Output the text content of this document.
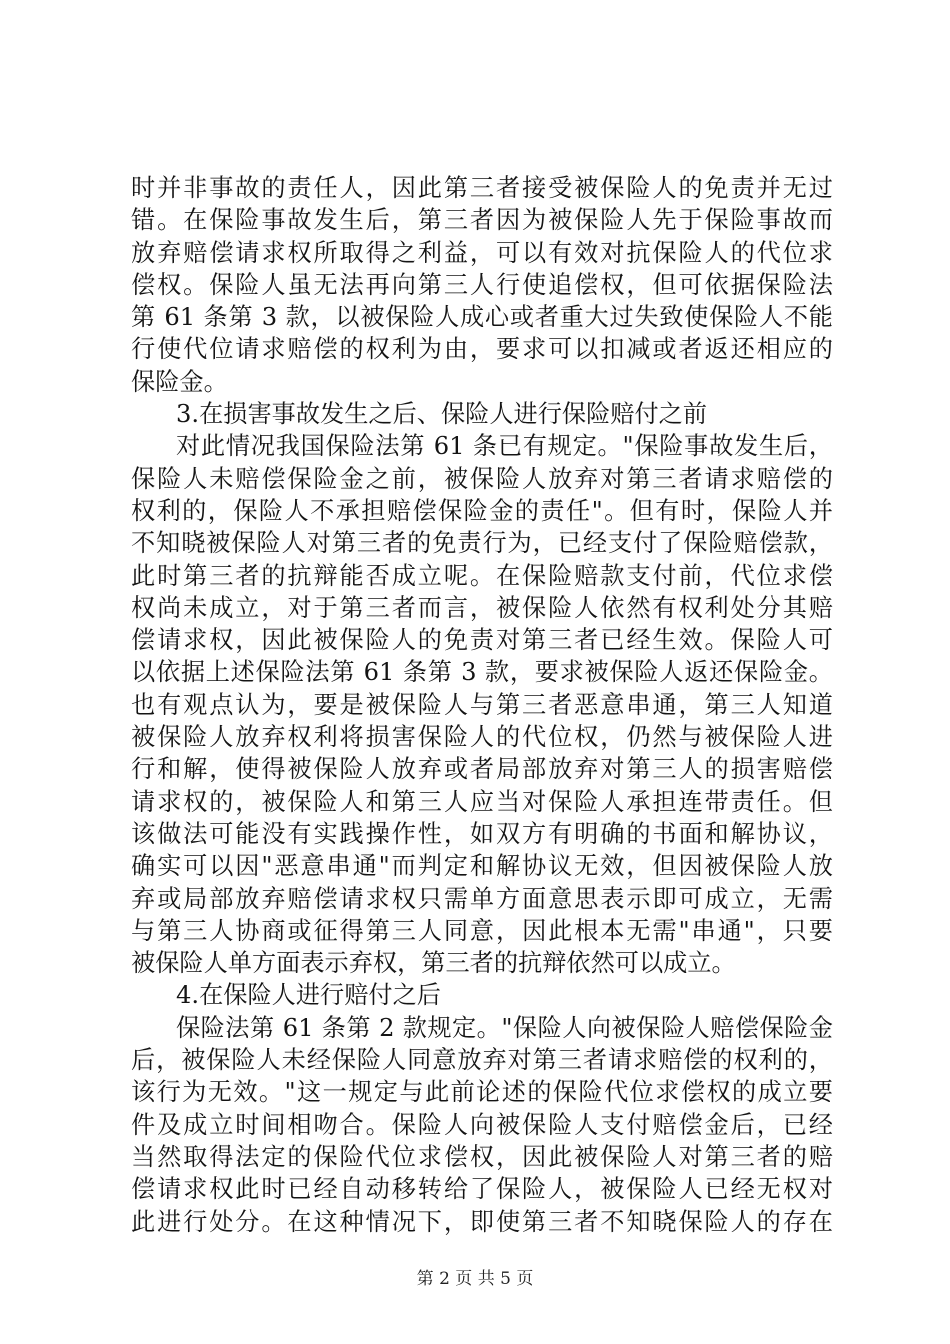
时并非事故的责任人，因此第三者接受被保险人的免责并无过
错。在保险事故发生后，第三者因为被保险人先于保险事故而
放弃赔偿请求权所取得之利益，可以有效对抗保险人的代位求
偿权。保险人虽无法再向第三人行使追偿权，但可依据保险法
第 61 条第 3 款，以被保险人成心或者重大过失致使保险人不能
行使代位请求赔偿的权利为由，要求可以扣减或者返还相应的
保险金。
3.在损害事故发生之后、保险人进行保险赔付之前
对此情况我国保险法第 61 条已有规定。"保险事故发生后，
保险人未赔偿保险金之前，被保险人放弃对第三者请求赔偿的
权利的，保险人不承担赔偿保险金的责任"。但有时，保险人并
不知晓被保险人对第三者的免责行为，已经支付了保险赔偿款，
此时第三者的抗辩能否成立呢。在保险赔款支付前，代位求偿
权尚未成立，对于第三者而言，被保险人依然有权利处分其赔
偿请求权，因此被保险人的免责对第三者已经生效。保险人可
以依据上述保险法第 61 条第 3 款，要求被保险人返还保险金。
也有观点认为，要是被保险人与第三者恶意串通，第三人知道
被保险人放弃权利将损害保险人的代位权，仍然与被保险人进
行和解，使得被保险人放弃或者局部放弃对第三人的损害赔偿
请求权的，被保险人和第三人应当对保险人承担连带责任。但
该做法可能没有实践操作性，如双方有明确的书面和解协议，
确实可以因"恶意串通"而判定和解协议无效，但因被保险人放
弃或局部放弃赔偿请求权只需单方面意思表示即可成立，无需
与第三人协商或征得第三人同意，因此根本无需"串通"，只要
被保险人单方面表示弃权，第三者的抗辩依然可以成立。
4.在保险人进行赔付之后
保险法第 61 条第 2 款规定。"保险人向被保险人赔偿保险金
后，被保险人未经保险人同意放弃对第三者请求赔偿的权利的，
该行为无效。"这一规定与此前论述的保险代位求偿权的成立要
件及成立时间相吻合。保险人向被保险人支付赔偿金后，已经
当然取得法定的保险代位求偿权，因此被保险人对第三者的赔
偿请求权此时已经自动移转给了保险人，被保险人已经无权对
此进行处分。在这种情况下，即使第三者不知晓保险人的存在
第 2 页 共 5 页
